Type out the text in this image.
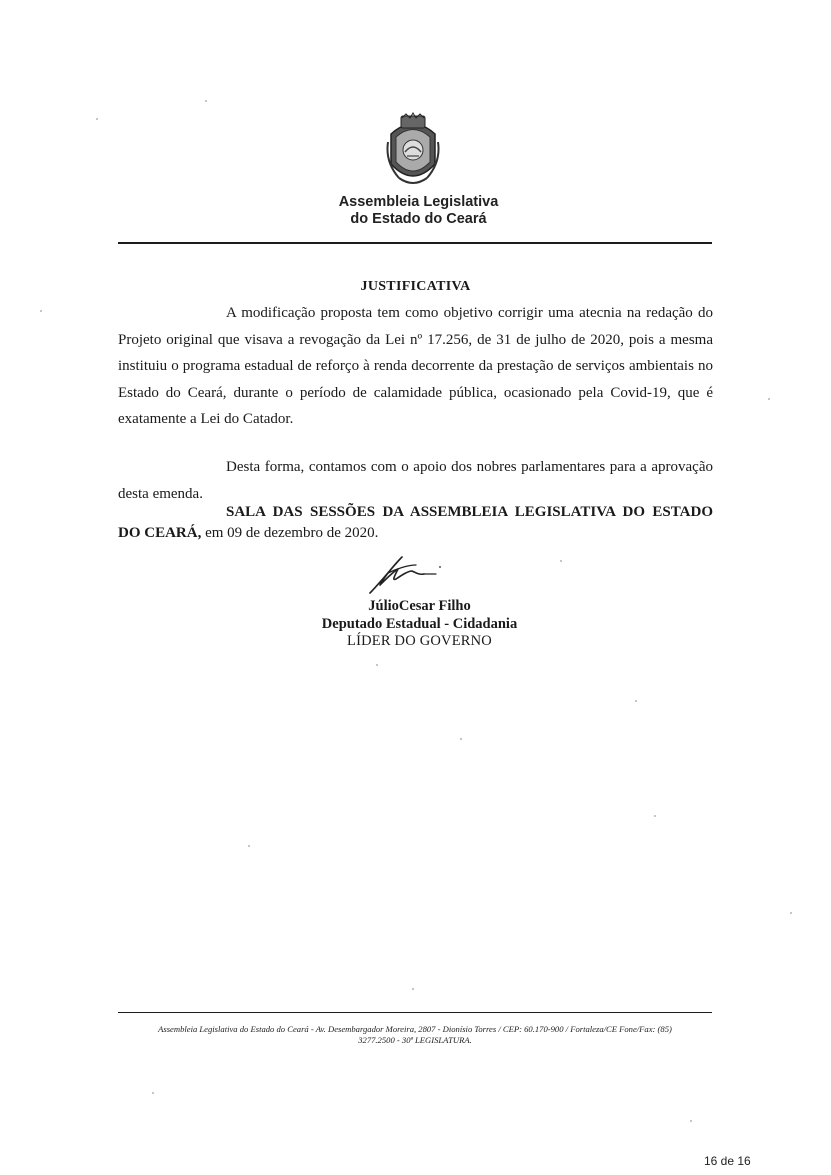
Assembleia Legislativa
do Estado do Ceará
JUSTIFICATIVA

A modificação proposta tem como objetivo corrigir uma atecnia na redação do Projeto original que visava a revogação da Lei nº 17.256, de 31 de julho de 2020, pois a mesma instituiu o programa estadual de reforço à renda decorrente da prestação de serviços ambientais no Estado do Ceará, durante o período de calamidade pública, ocasionado pela Covid-19, que é exatamente a Lei do Catador.

Desta forma, contamos com o apoio dos nobres parlamentares para a aprovação desta emenda.

SALA DAS SESSÕES DA ASSEMBLEIA LEGISLATIVA DO ESTADO DO CEARÁ, em 09 de dezembro de 2020.

JúlioCesar Filho
Deputado Estadual - Cidadania
LÍDER DO GOVERNO
Assembleia Legislativa do Estado do Ceará - Av. Desembargador Moreira, 2807 - Dionísio Torres / CEP: 60.170-900 / Fortaleza/CE Fone/Fax: (85)
3277.2500 - 30ª LEGISLATURA.
16 de 16
